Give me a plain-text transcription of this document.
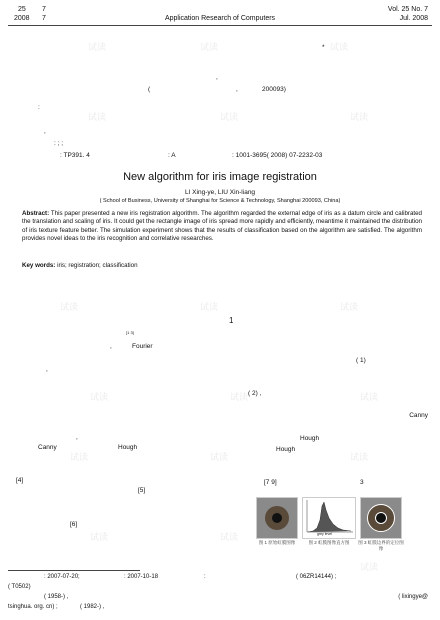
试读	试读	试读
试读	试读	试读
试读	试读	试读
试读	试读	试读
试读	试读	试读
试读	试读
试读
25 7
2008 7	Application Research of Computers
Vol. 25 No. 7
Jul. 2008
*
,
(	,	200093)
:
,
: ; ;
: TP391. 4	: A	: 1001-3695( 2008) 07-2232-03
New algorithm for iris image registration
LI Xing-ye, LIU Xin-liang
( School of Business, University of Shanghai for Science & Technology, Shanghai 200093, China)
Abstract: This paper presented a new iris registration algorithm. The algorithm regarded the external edge of iris as a datum circle and calibrated the translation and scaling of iris. It could get the rectangle image of iris spread more rapidly and efficiently, meantime it maintained the distribution of iris texture feature better. The simulation experiment shows that the results of classification based on the algorithm are satisfied. The algorithm provides novel ideas to the iris recognition and correlative researches.
Key words: iris; registration; classification
1
[1 3]
,	Fourier
( 1)
,
( 2) ,
Canny
Hough
,
Canny	Hough	Hough
[7 9]	3
[4]
[5]
[6]
grey level
图 1 原始虹膜图像	图 2 虹膜图像直方图	图 3 虹膜边界的定位图像
: 2007-07-20;	: 2007-10-18	:	( 06ZR14144) ;
( T0502)
( 1958-) ,	( lixingye@
tsinghua. org. cn) ;	( 1982-) ,
